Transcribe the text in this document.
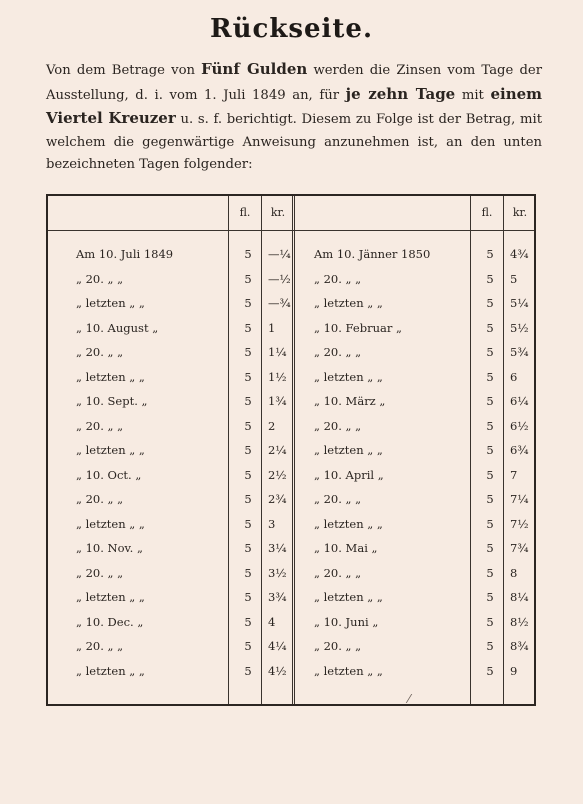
Rückseite.
Von dem Betrage von Fünf Gulden werden die Zinsen vom Tage der Ausstellung, d. i. vom 1. Juli 1849 an, für je zehn Tage mit einem Viertel Kreuzer u. s. f. berichtigt. Diesem zu Folge ist der Betrag, mit welchem die gegenwärtige Anweisung anzunehmen ist, an den unten bezeichneten Tagen folgender:
fl.	kr.	fl.	kr.
Am 10. Juli 1849	5	—¼ Am 10. Jänner 1850	5	4¾
„ 20. „ „	5	—½ „ 20. „ „	5	5
„ letzten „ „	5	—¾ „ letzten „ „	5	5¼
„ 10. August „	5	1	„ 10. Februar „	5	5½
„ 20. „ „	5	1¼	„ 20. „ „	5	5¾
„ letzten „ „	5	1½	„ letzten „ „	5	6
„ 10. Sept. „	5	1¾	„ 10. März „	5	6¼
„ 20. „ „	5	2	„ 20. „ „	5	6½
„ letzten „ „	5	2¼	„ letzten „ „	5	6¾
„ 10. Oct. „	5	2½	„ 10. April „	5	7
„ 20. „ „	5	2¾	„ 20. „ „	5	7¼
„ letzten „ „	5	3	„ letzten „ „	5	7½
„ 10. Nov. „	5	3¼	„ 10. Mai „	5	7¾
„ 20. „ „	5	3½	„ 20. „ „	5	8
„ letzten „ „	5	3¾	„ letzten „ „	5	8¼
„ 10. Dec. „	5	4	„ 10. Juni „	5	8½
„ 20. „ „	5	4¼	„ 20. „ „	5	8¾
„ letzten „ „	5	4½	„ letzten „ „	5	9
⁄
